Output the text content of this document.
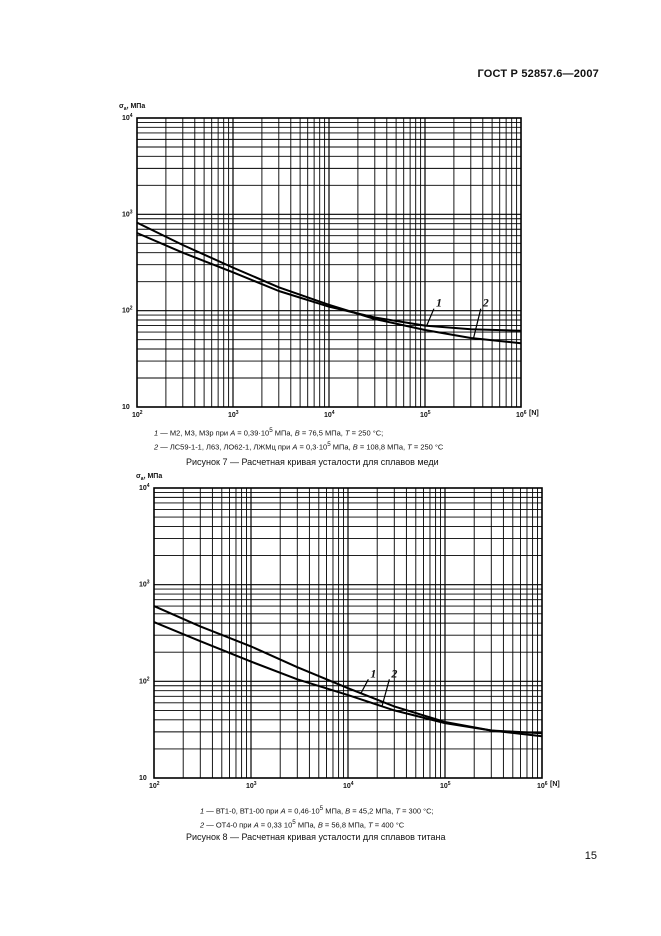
ГОСТ Р 52857.6—2007
$10^2$	$10^3$	$10^4$	$10^5$	$10^6$ [N]
10
$10^2$
$10^3$
$10^4$
$\sigma_a$, МПа
1	2
1 — М2, М3, М3р при $A = 0,39\cdot 10^5$ МПа, B = 76,5 МПа, T = 250 °C;
2 — ЛС59-1-1, Л63, ЛО62-1, ЛЖМц при $A = 0,3\cdot 10^5$ МПа, B = 108,8 МПа, T = 250 °C
Рисунок 7 — Расчетная кривая усталости для сплавов меди
$10^2$	$10^3$	$10^4$	$10^5$	$10^6$ [N]
10
$10^2$
$10^3$
$10^4$
$\sigma_a$, МПа
1 2
1 — ВТ1-0, ВТ1-00 при $A = 0,46\cdot 10^5$ МПа, B = 45,2 МПа, T = 300 °C;
2 — ОТ4-0 при A = 0,33 $10^5$ МПа, B = 56,8 МПа, T = 400 °C
Рисунок 8 — Расчетная кривая усталости для сплавов титана
15
